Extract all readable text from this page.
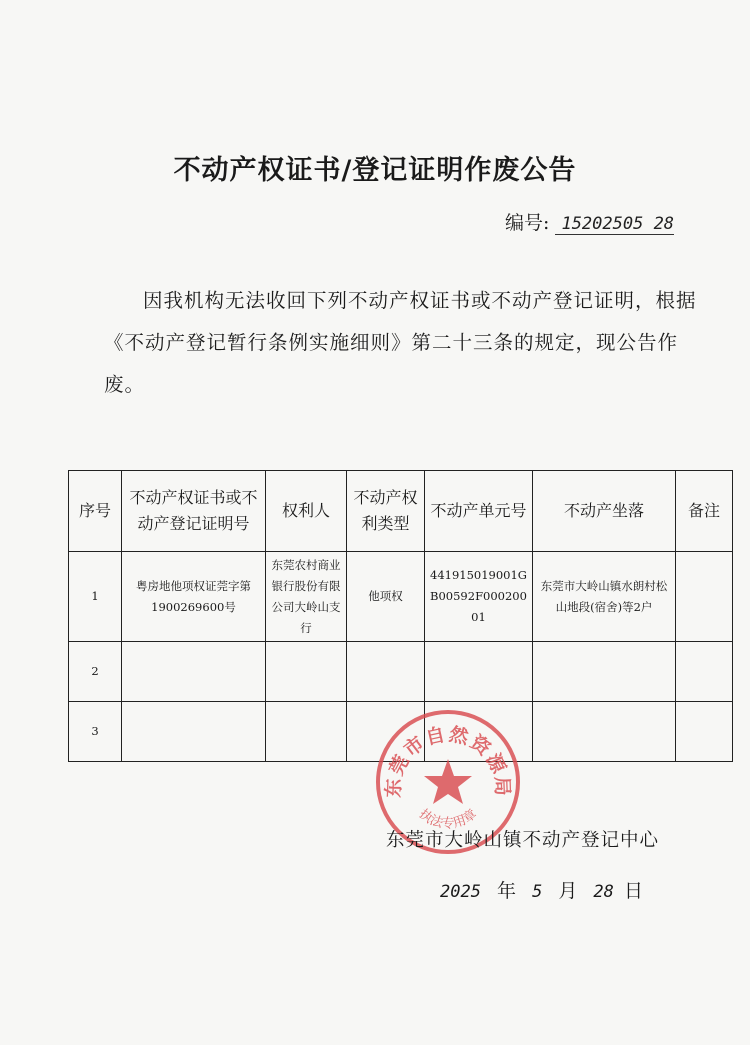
不动产权证书/登记证明作废公告
编号: 15202505 28

因我机构无法收回下列不动产权证书或不动产登记证明，根据《不动产登记暂行条例实施细则》第二十三条的规定，现公告作废。

序号	不动产权证书或不动产登记证明号	权利人	不动产权利类型	不动产单元号	不动产坐落	备注
1	粤房地他项权证莞字第1900269600号	东莞农村商业银行股份有限公司大岭山支行	他项权	441915019001GB00592F00020001	东莞市大岭山镇水朗村松山地段(宿舍)等2户	
2						
3						
东莞市自然资源局
执法专用章
东莞市大岭山镇不动产登记中心
2025 年 5 月 28 日
